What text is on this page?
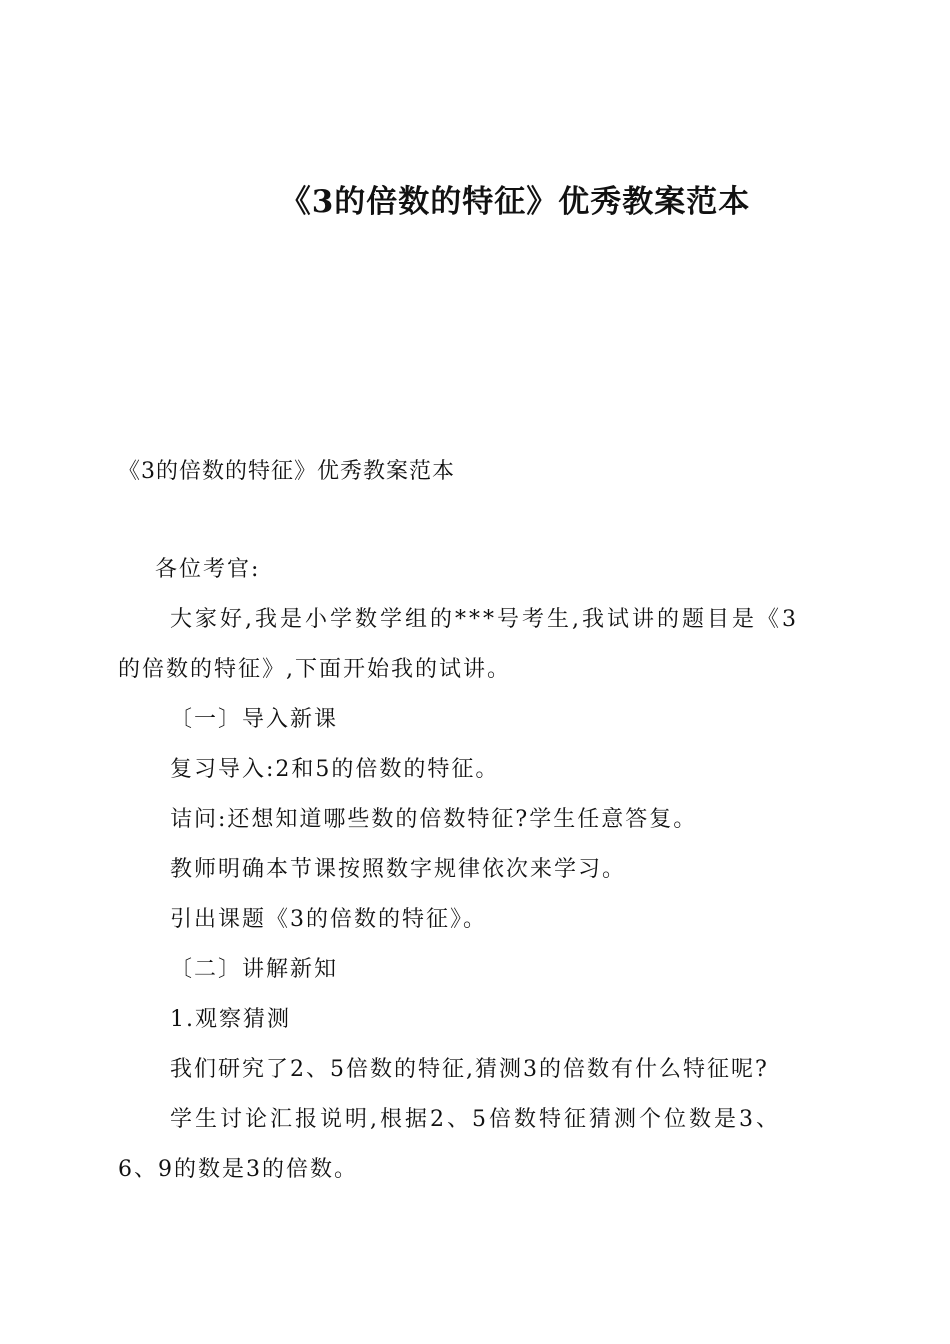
《3的倍数的特征》优秀教案范本
《3的倍数的特征》优秀教案范本
各位考官:
大家好,我是小学数学组的***号考生,我试讲的题目是《3
的倍数的特征》,下面开始我的试讲。
〔一〕导入新课
复习导入:2和5的倍数的特征。
诘问:还想知道哪些数的倍数特征?学生任意答复。
教师明确本节课按照数字规律依次来学习。
引出课题《3的倍数的特征》。
〔二〕讲解新知
1.观察猜测
我们研究了2、5倍数的特征,猜测3的倍数有什么特征呢?
学生讨论汇报说明,根据2、5倍数特征猜测个位数是3、
6、9的数是3的倍数。
